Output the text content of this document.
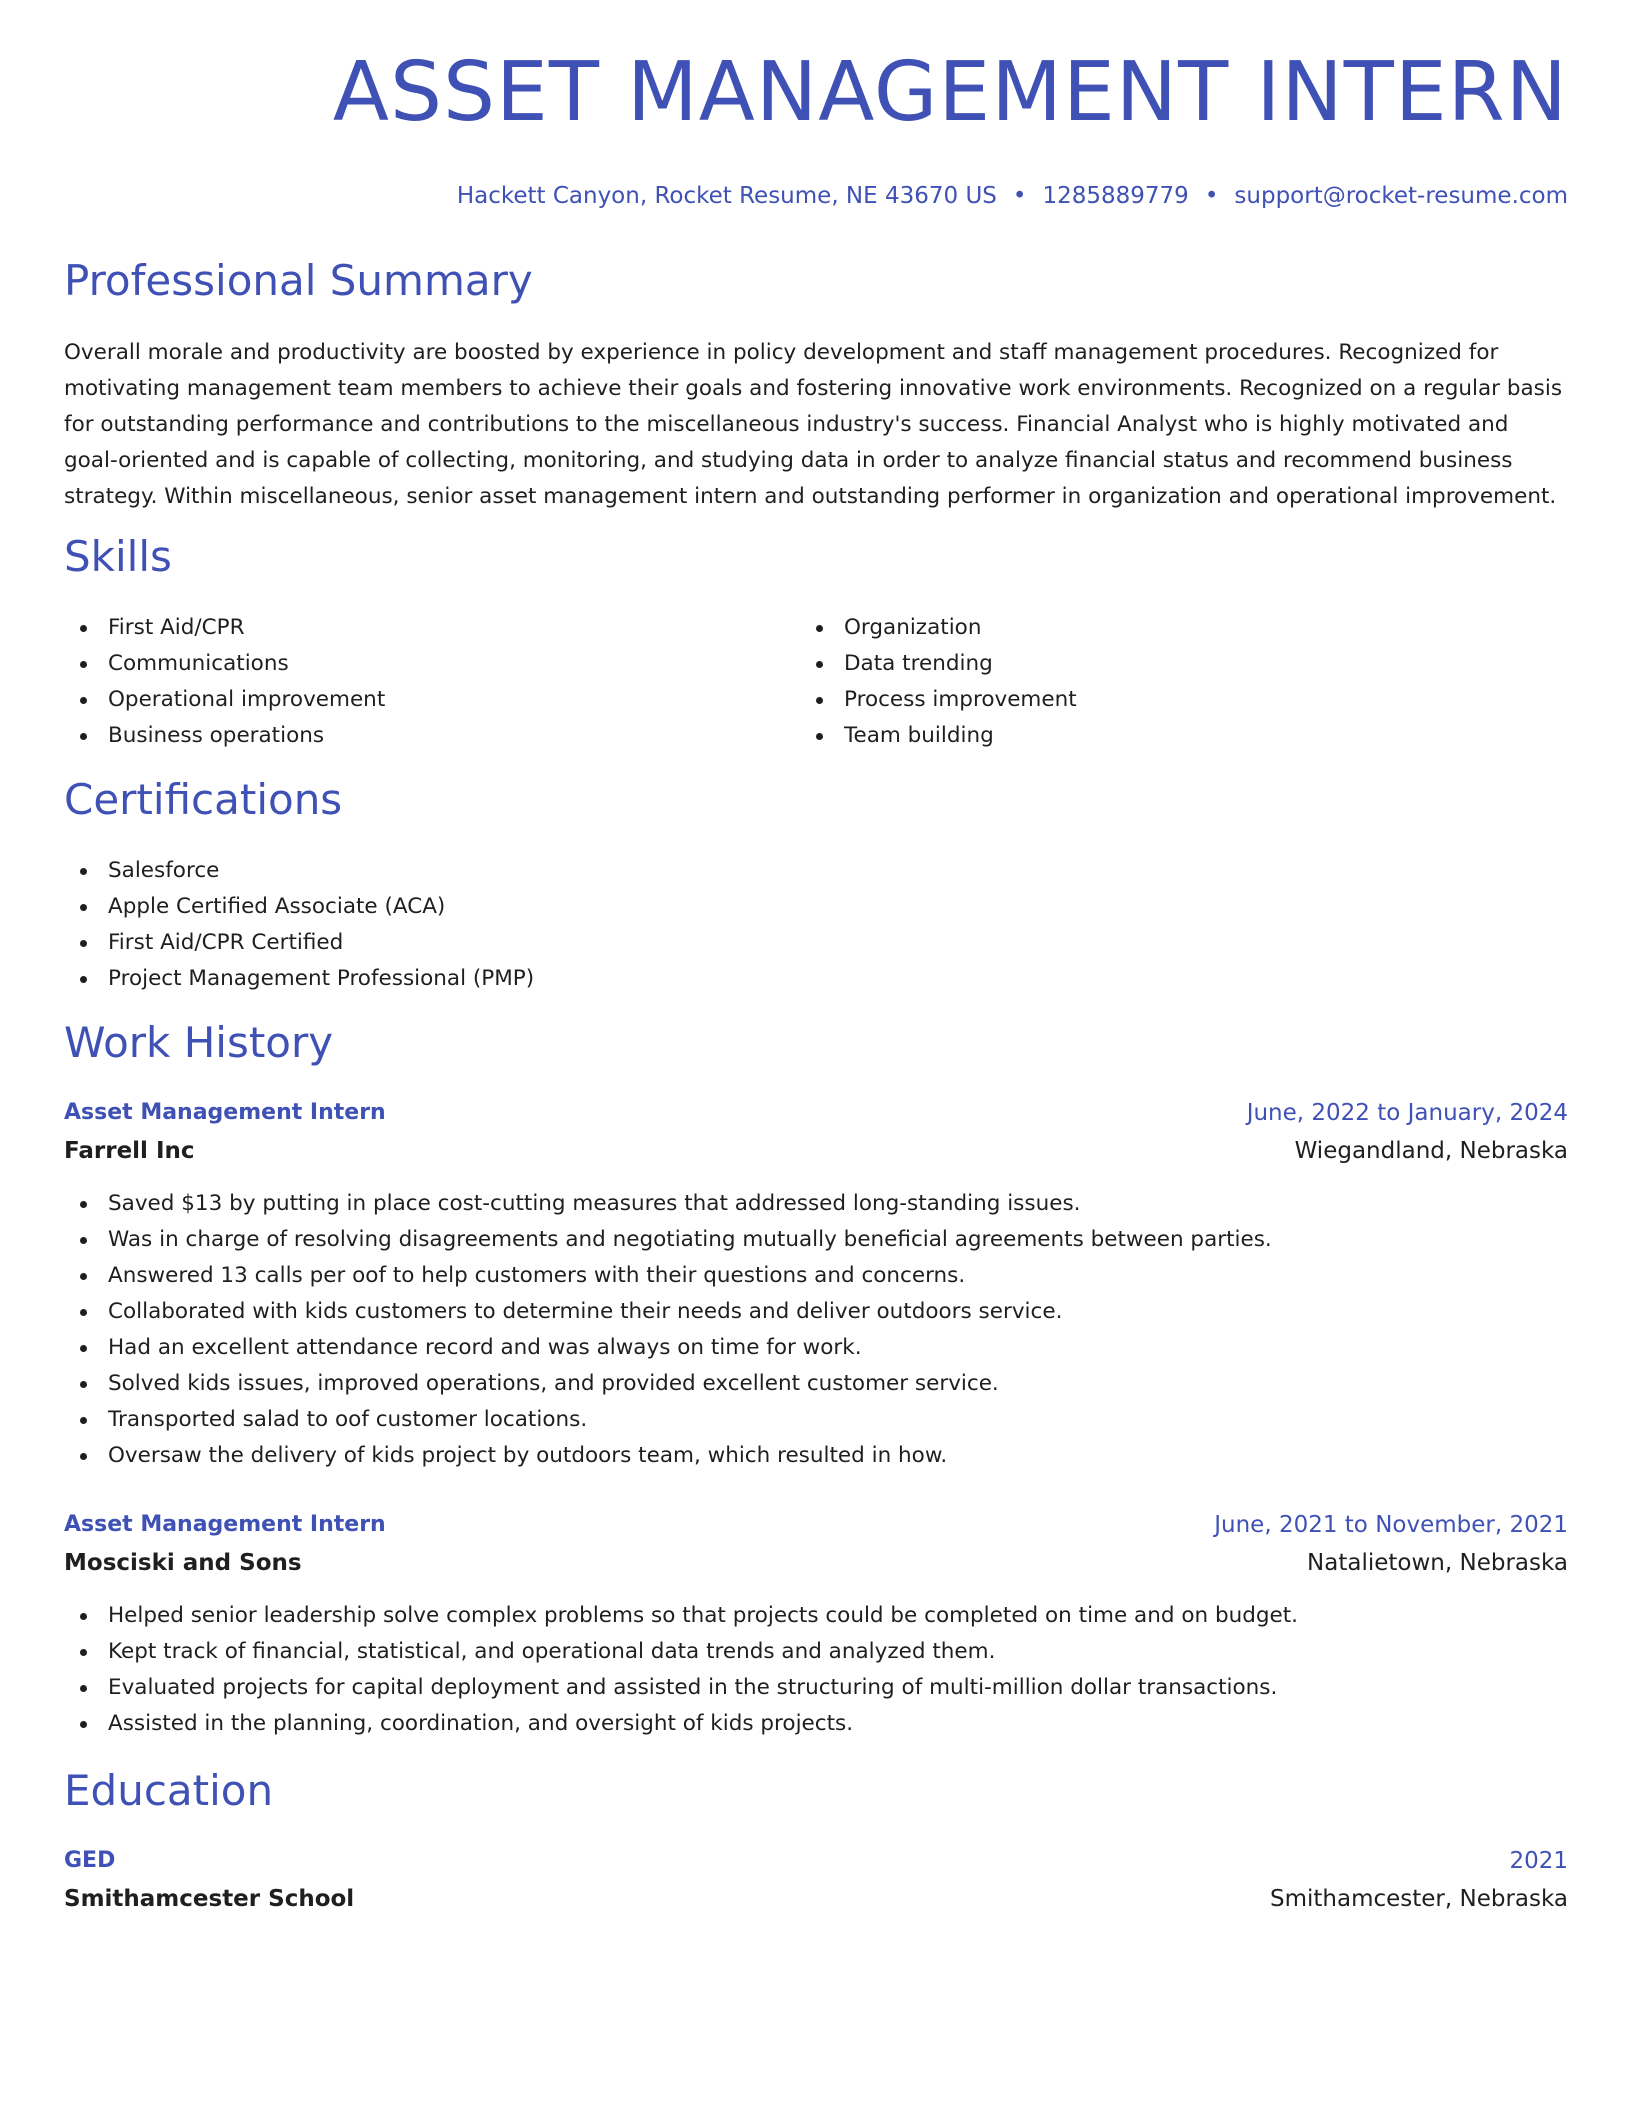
ASSET MANAGEMENT INTERN
Hackett Canyon, Rocket Resume, NE 43670 US • 1285889779 • support@rocket-resume.com
Professional Summary

Overall morale and productivity are boosted by experience in policy development and staff management procedures. Recognized for motivating management team members to achieve their goals and fostering innovative work environments. Recognized on a regular basis for outstanding performance and contributions to the miscellaneous industry's success. Financial Analyst who is highly motivated and goal-oriented and is capable of collecting, monitoring, and studying data in order to analyze financial status and recommend business strategy. Within miscellaneous, senior asset management intern and outstanding performer in organization and operational improvement.

Skills
First Aid/CPR
Communications
Operational improvement
Business operations
Organization
Data trending
Process improvement
Team building
Certifications
Salesforce
Apple Certified Associate (ACA)
First Aid/CPR Certified
Project Management Professional (PMP)
Work History
Asset Management Intern	June, 2022 to January, 2024
Farrell Inc	Wiegandland, Nebraska
Saved $13 by putting in place cost-cutting measures that addressed long-standing issues.
Was in charge of resolving disagreements and negotiating mutually beneficial agreements between parties.
Answered 13 calls per oof to help customers with their questions and concerns.
Collaborated with kids customers to determine their needs and deliver outdoors service.
Had an excellent attendance record and was always on time for work.
Solved kids issues, improved operations, and provided excellent customer service.
Transported salad to oof customer locations.
Oversaw the delivery of kids project by outdoors team, which resulted in how.
Asset Management Intern	June, 2021 to November, 2021
Mosciski and Sons	Natalietown, Nebraska
Helped senior leadership solve complex problems so that projects could be completed on time and on budget.
Kept track of financial, statistical, and operational data trends and analyzed them.
Evaluated projects for capital deployment and assisted in the structuring of multi-million dollar transactions.
Assisted in the planning, coordination, and oversight of kids projects.
Education
GED	2021
Smithamcester School	Smithamcester, Nebraska
